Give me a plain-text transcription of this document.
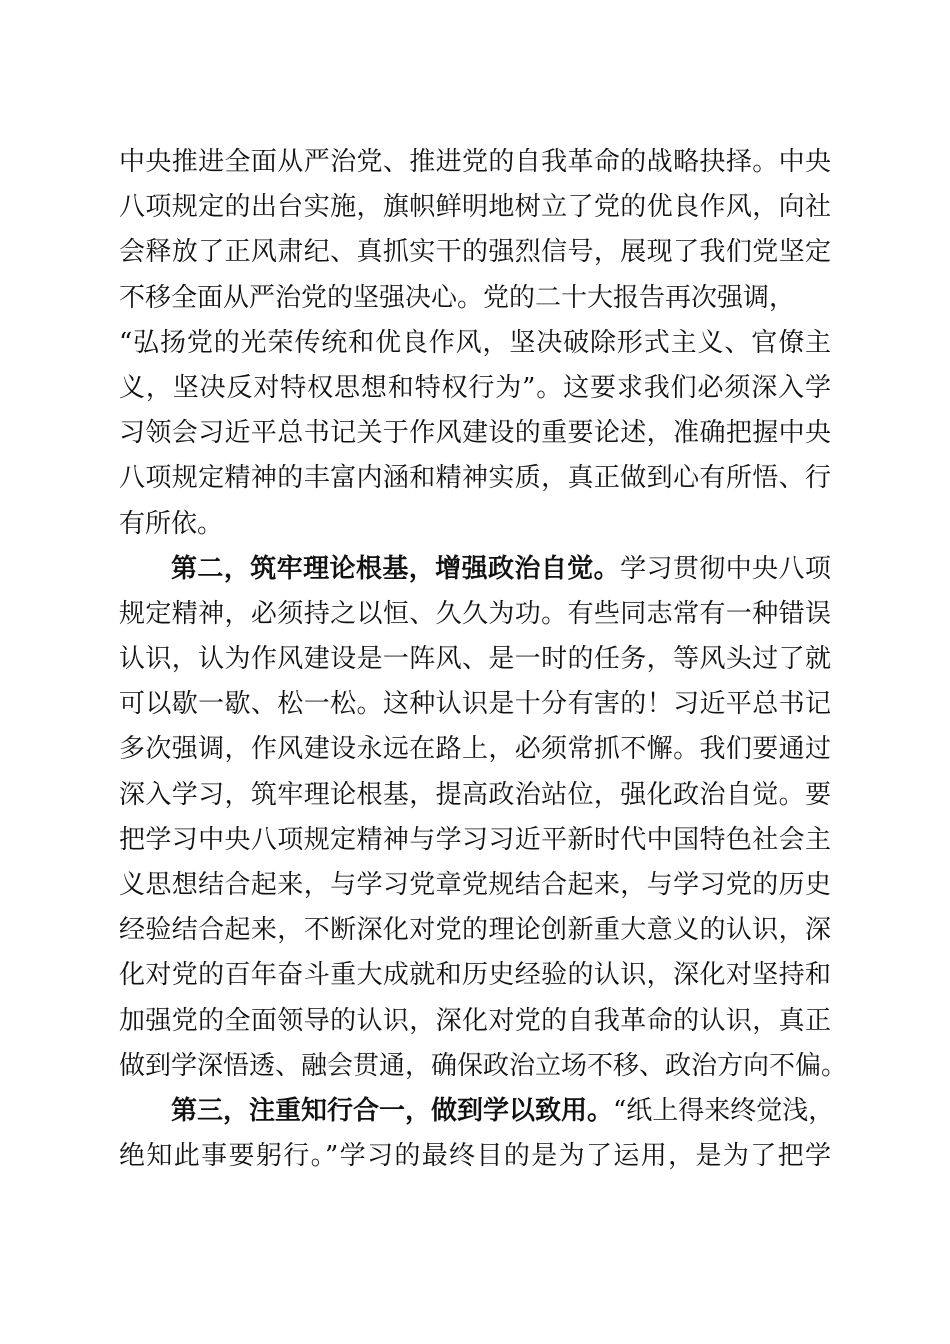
中央推进全面从严治党、推进党的自我革命的战略抉择。中央
八项规定的出台实施，旗帜鲜明地树立了党的优良作风，向社
会释放了正风肃纪、真抓实干的强烈信号，展现了我们党坚定
不移全面从严治党的坚强决心。党的二十大报告再次强调，
“弘扬党的光荣传统和优良作风，坚决破除形式主义、官僚主
义，坚决反对特权思想和特权行为”。这要求我们必须深入学
习领会习近平总书记关于作风建设的重要论述，准确把握中央
八项规定精神的丰富内涵和精神实质，真正做到心有所悟、行
有所依。
第二，筑牢理论根基，增强政治自觉。学习贯彻中央八项
规定精神，必须持之以恒、久久为功。有些同志常有一种错误
认识，认为作风建设是一阵风、是一时的任务，等风头过了就
可以歇一歇、松一松。这种认识是十分有害的！习近平总书记
多次强调，作风建设永远在路上，必须常抓不懈。我们要通过
深入学习，筑牢理论根基，提高政治站位，强化政治自觉。要
把学习中央八项规定精神与学习习近平新时代中国特色社会主
义思想结合起来，与学习党章党规结合起来，与学习党的历史
经验结合起来，不断深化对党的理论创新重大意义的认识，深
化对党的百年奋斗重大成就和历史经验的认识，深化对坚持和
加强党的全面领导的认识，深化对党的自我革命的认识，真正
做到学深悟透、融会贯通，确保政治立场不移、政治方向不偏。
第三，注重知行合一，做到学以致用。“纸上得来终觉浅，
绝知此事要躬行。”学习的最终目的是为了运用，是为了把学
